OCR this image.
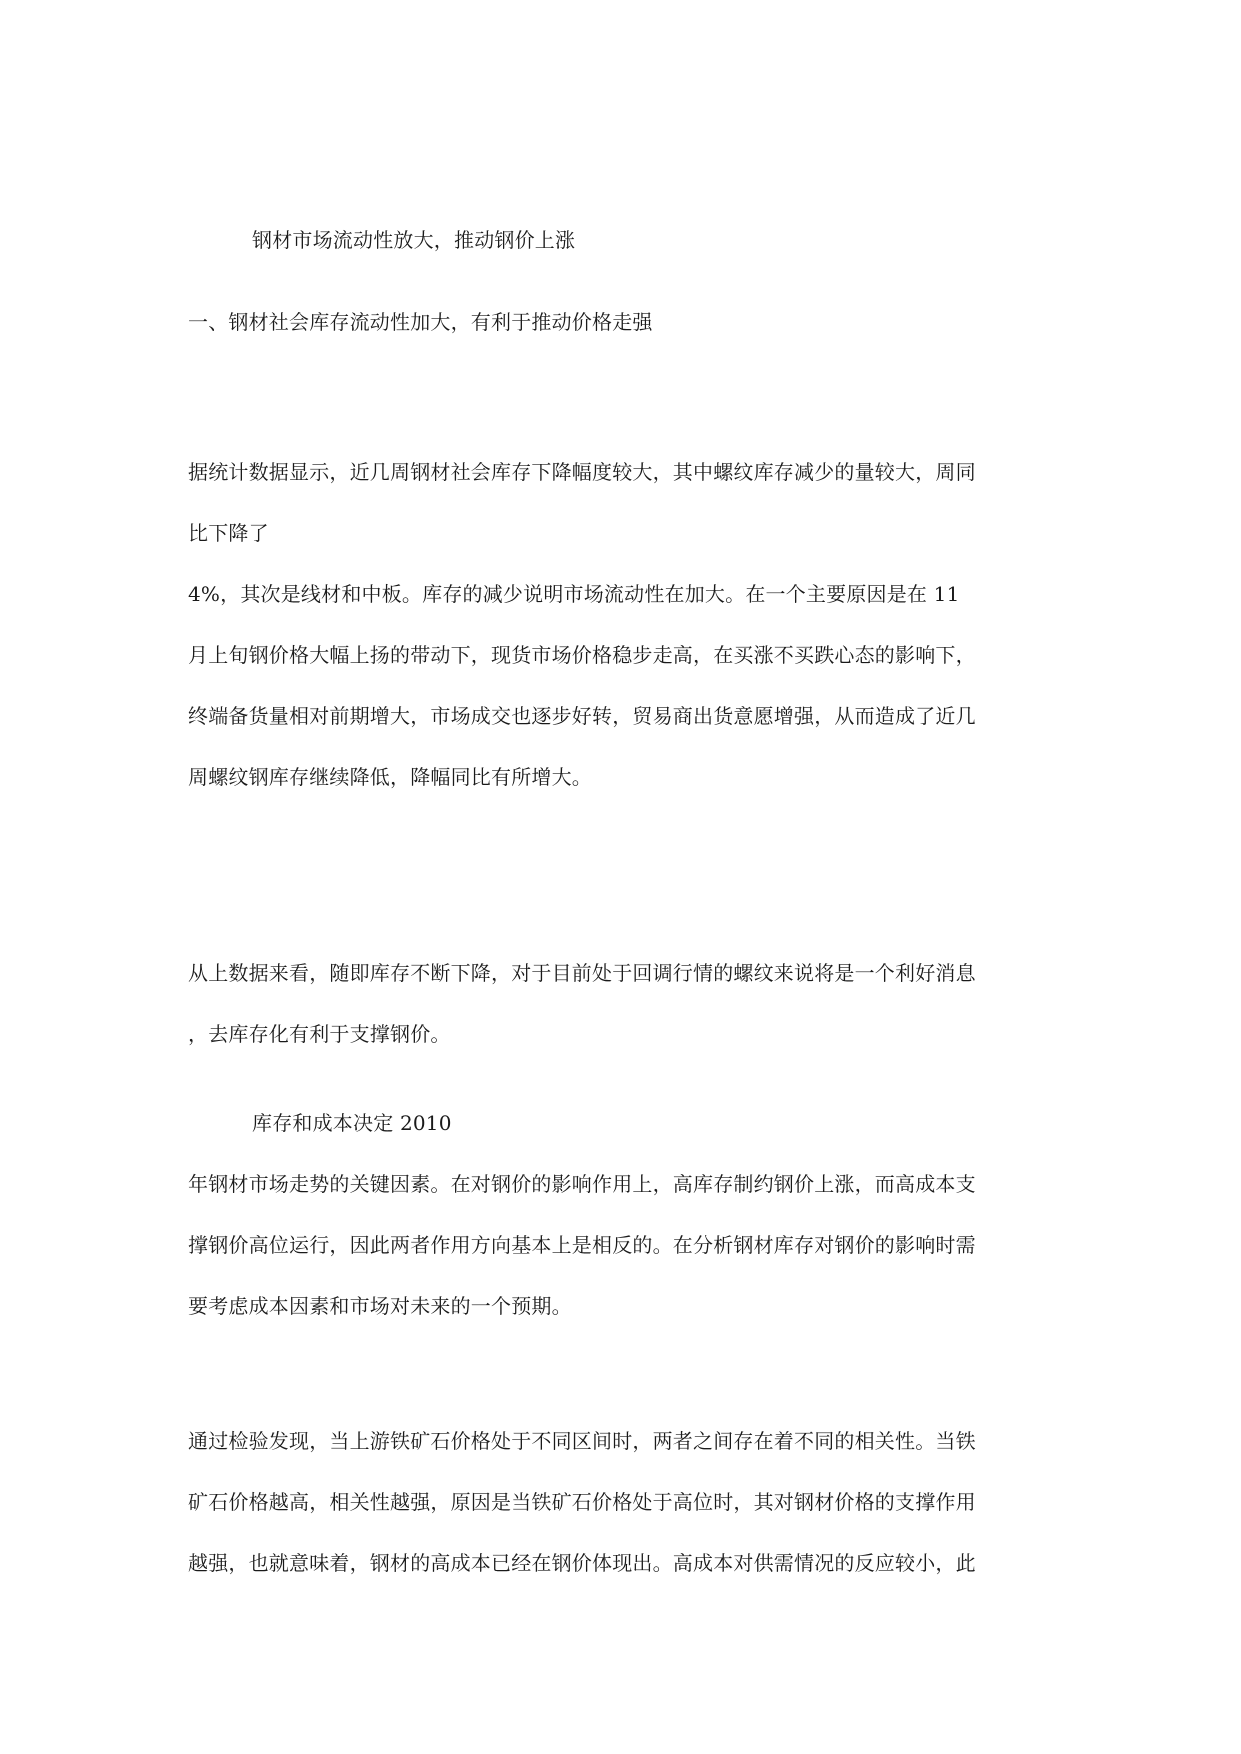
钢材市场流动性放大，推动钢价上涨
一、钢材社会库存流动性加大，有利于推动价格走强
据统计数据显示，近几周钢材社会库存下降幅度较大，其中螺纹库存减少的量较大，周同
比下降了
4%，其次是线材和中板。库存的减少说明市场流动性在加大。在一个主要原因是在 11
月上旬钢价格大幅上扬的带动下，现货市场价格稳步走高，在买涨不买跌心态的影响下，
终端备货量相对前期增大，市场成交也逐步好转，贸易商出货意愿增强，从而造成了近几
周螺纹钢库存继续降低，降幅同比有所增大。
从上数据来看，随即库存不断下降，对于目前处于回调行情的螺纹来说将是一个利好消息
，去库存化有利于支撑钢价。
库存和成本决定 2010
年钢材市场走势的关键因素。在对钢价的影响作用上，高库存制约钢价上涨，而高成本支
撑钢价高位运行，因此两者作用方向基本上是相反的。在分析钢材库存对钢价的影响时需
要考虑成本因素和市场对未来的一个预期。
通过检验发现，当上游铁矿石价格处于不同区间时，两者之间存在着不同的相关性。当铁
矿石价格越高，相关性越强，原因是当铁矿石价格处于高位时，其对钢材价格的支撑作用
越强，也就意味着，钢材的高成本已经在钢价体现出。高成本对供需情况的反应较小，此
